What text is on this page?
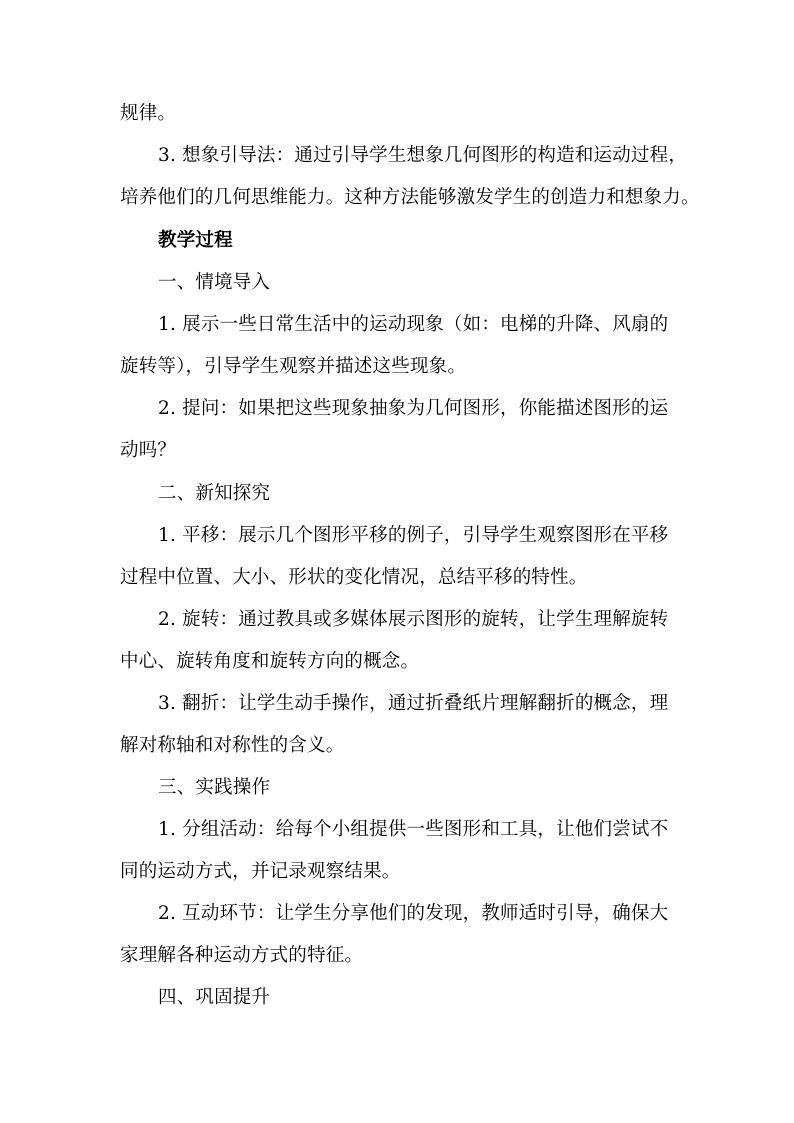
规律。
3. 想象引导法：通过引导学生想象几何图形的构造和运动过程，
培养他们的几何思维能力。这种方法能够激发学生的创造力和想象力。
教学过程
一、情境导入
1. 展示一些日常生活中的运动现象（如：电梯的升降、风扇的
旋转等），引导学生观察并描述这些现象。
2. 提问：如果把这些现象抽象为几何图形，你能描述图形的运
动吗？
二、新知探究
1. 平移：展示几个图形平移的例子，引导学生观察图形在平移
过程中位置、大小、形状的变化情况，总结平移的特性。
2. 旋转：通过教具或多媒体展示图形的旋转，让学生理解旋转
中心、旋转角度和旋转方向的概念。
3. 翻折：让学生动手操作，通过折叠纸片理解翻折的概念，理
解对称轴和对称性的含义。
三、实践操作
1. 分组活动：给每个小组提供一些图形和工具，让他们尝试不
同的运动方式，并记录观察结果。
2. 互动环节：让学生分享他们的发现，教师适时引导，确保大
家理解各种运动方式的特征。
四、巩固提升
